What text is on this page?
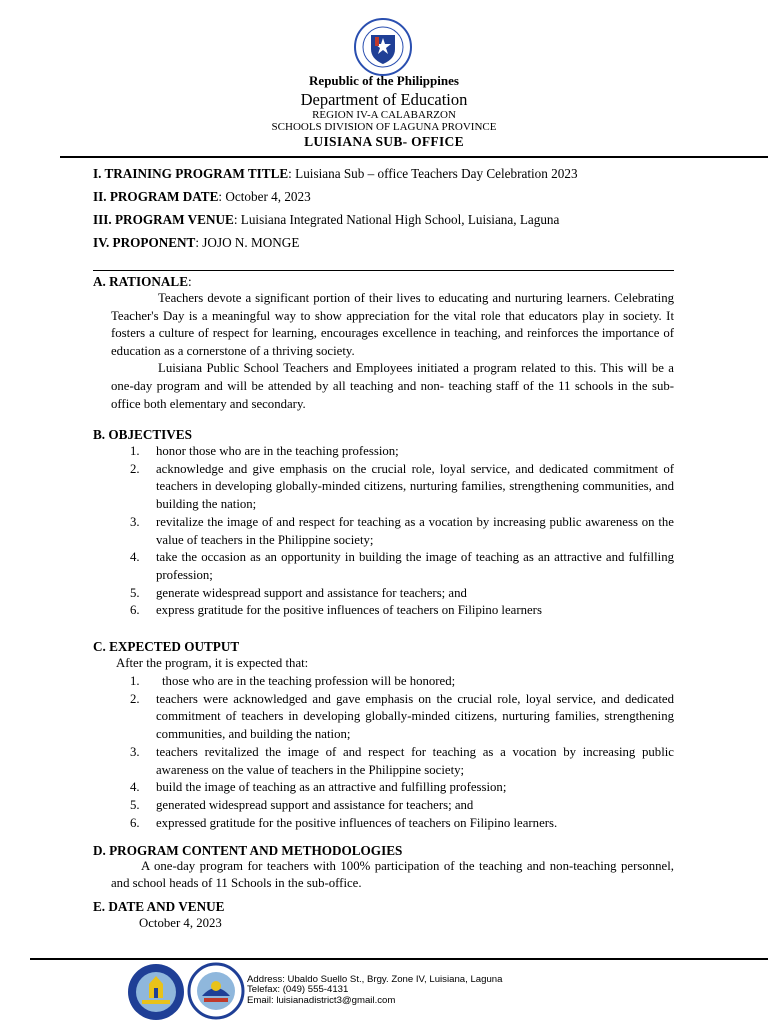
Republic of the Philippines
Department of Education
REGION IV-A CALABARZON
SCHOOLS DIVISION OF LAGUNA PROVINCE
LUISIANA SUB- OFFICE
I. TRAINING PROGRAM TITLE: Luisiana Sub – office Teachers Day Celebration 2023
II. PROGRAM DATE: October 4, 2023
III. PROGRAM VENUE: Luisiana Integrated National High School, Luisiana, Laguna
IV. PROPONENT: JOJO N. MONGE
A. RATIONALE:

Teachers devote a significant portion of their lives to educating and nurturing learners. Celebrating Teacher's Day is a meaningful way to show appreciation for the vital role that educators play in society. It fosters a culture of respect for learning, encourages excellence in teaching, and reinforces the importance of education as a cornerstone of a thriving society.

Luisiana Public School Teachers and Employees initiated a program related to this. This will be a one-day program and will be attended by all teaching and non- teaching staff of the 11 schools in the sub-office both elementary and secondary.

B. OBJECTIVES
1. honor those who are in the teaching profession;
2. acknowledge and give emphasis on the crucial role, loyal service, and dedicated commitment of teachers in developing globally-minded citizens, nurturing families, strengthening communities, and building the nation;
3. revitalize the image of and respect for teaching as a vocation by increasing public awareness on the value of teachers in the Philippine society;
4. take the occasion as an opportunity in building the image of teaching as an attractive and fulfilling profession;
5. generate widespread support and assistance for teachers; and
6. express gratitude for the positive influences of teachers on Filipino learners
C. EXPECTED OUTPUT
After the program, it is expected that:
1. those who are in the teaching profession will be honored;
2. teachers were acknowledged and gave emphasis on the crucial role, loyal service, and dedicated commitment of teachers in developing globally-minded citizens, nurturing families, strengthening communities, and building the nation;
3. teachers revitalized the image of and respect for teaching as a vocation by increasing public awareness on the value of teachers in the Philippine society;
4. build the image of teaching as an attractive and fulfilling profession;
5. generated widespread support and assistance for teachers; and
6. expressed gratitude for the positive influences of teachers on Filipino learners.
D. PROGRAM CONTENT AND METHODOLOGIES

A one-day program for teachers with 100% participation of the teaching and non-teaching personnel, and school heads of 11 Schools in the sub-office.

E. DATE AND VENUE
October 4, 2023
Address: Ubaldo Suello St., Brgy. Zone IV, Luisiana, Laguna
Telefax: (049) 555-4131
Email: luisianadistrict3@gmail.com
